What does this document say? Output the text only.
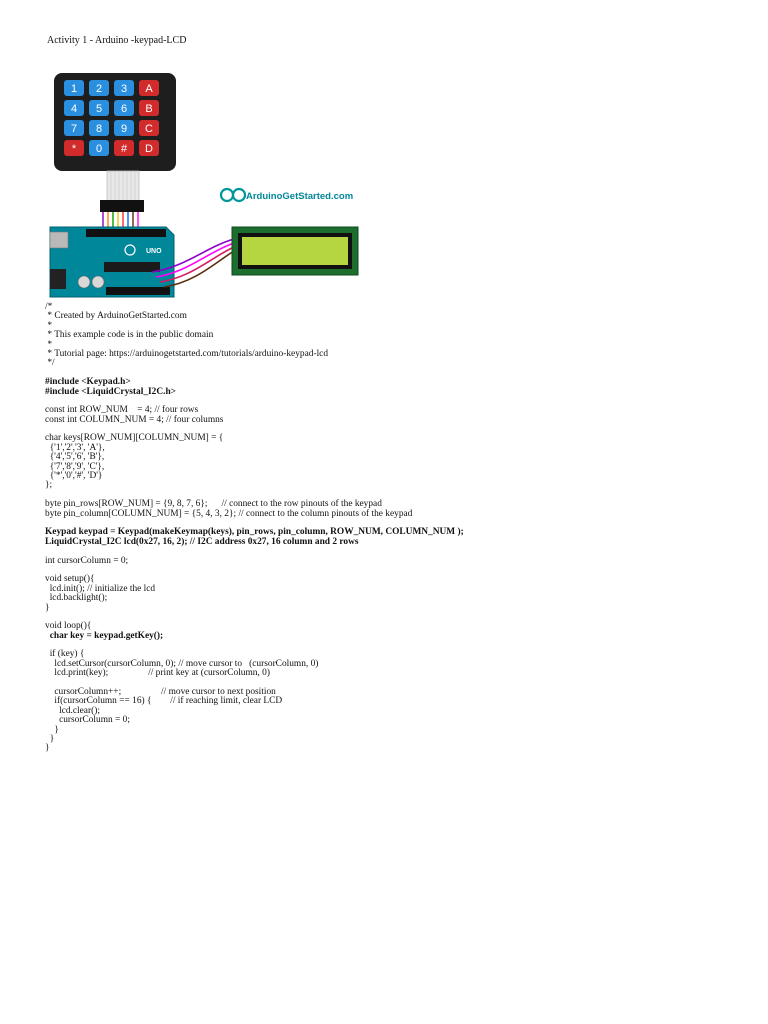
Activity 1 - Arduino -keypad-LCD
1 2 3 A
4 5 6 B
7 8 9 C
* 0 # D
UNO
ArduinoGetStarted.com
/*
* Created by ArduinoGetStarted.com
*
* This example code is in the public domain
*
* Tutorial page: https://arduinogetstarted.com/tutorials/arduino-keypad-lcd
*/
#include <Keypad.h>
#include <LiquidCrystal_I2C.h>
const int ROW_NUM    = 4; // four rows
const int COLUMN_NUM = 4; // four columns
char keys[ROW_NUM][COLUMN_NUM] = {
{'1','2','3', 'A'},
{'4','5','6', 'B'},
{'7','8','9', 'C'},
{'*','0','#', 'D'}
};
byte pin_rows[ROW_NUM] = {9, 8, 7, 6};      // connect to the row pinouts of the keypad
byte pin_column[COLUMN_NUM] = {5, 4, 3, 2}; // connect to the column pinouts of the keypad
Keypad keypad = Keypad(makeKeymap(keys), pin_rows, pin_column, ROW_NUM, COLUMN_NUM );
LiquidCrystal_I2C lcd(0x27, 16, 2); // I2C address 0x27, 16 column and 2 rows
int cursorColumn = 0;
void setup(){
lcd.init(); // initialize the lcd
lcd.backlight();
}
void loop(){
char key = keypad.getKey();
if (key) {
lcd.setCursor(cursorColumn, 0); // move cursor to   (cursorColumn, 0)
lcd.print(key);                 // print key at (cursorColumn, 0)
cursorColumn++;                 // move cursor to next position
if(cursorColumn == 16) {        // if reaching limit, clear LCD
lcd.clear();
cursorColumn = 0;
}
}
}
